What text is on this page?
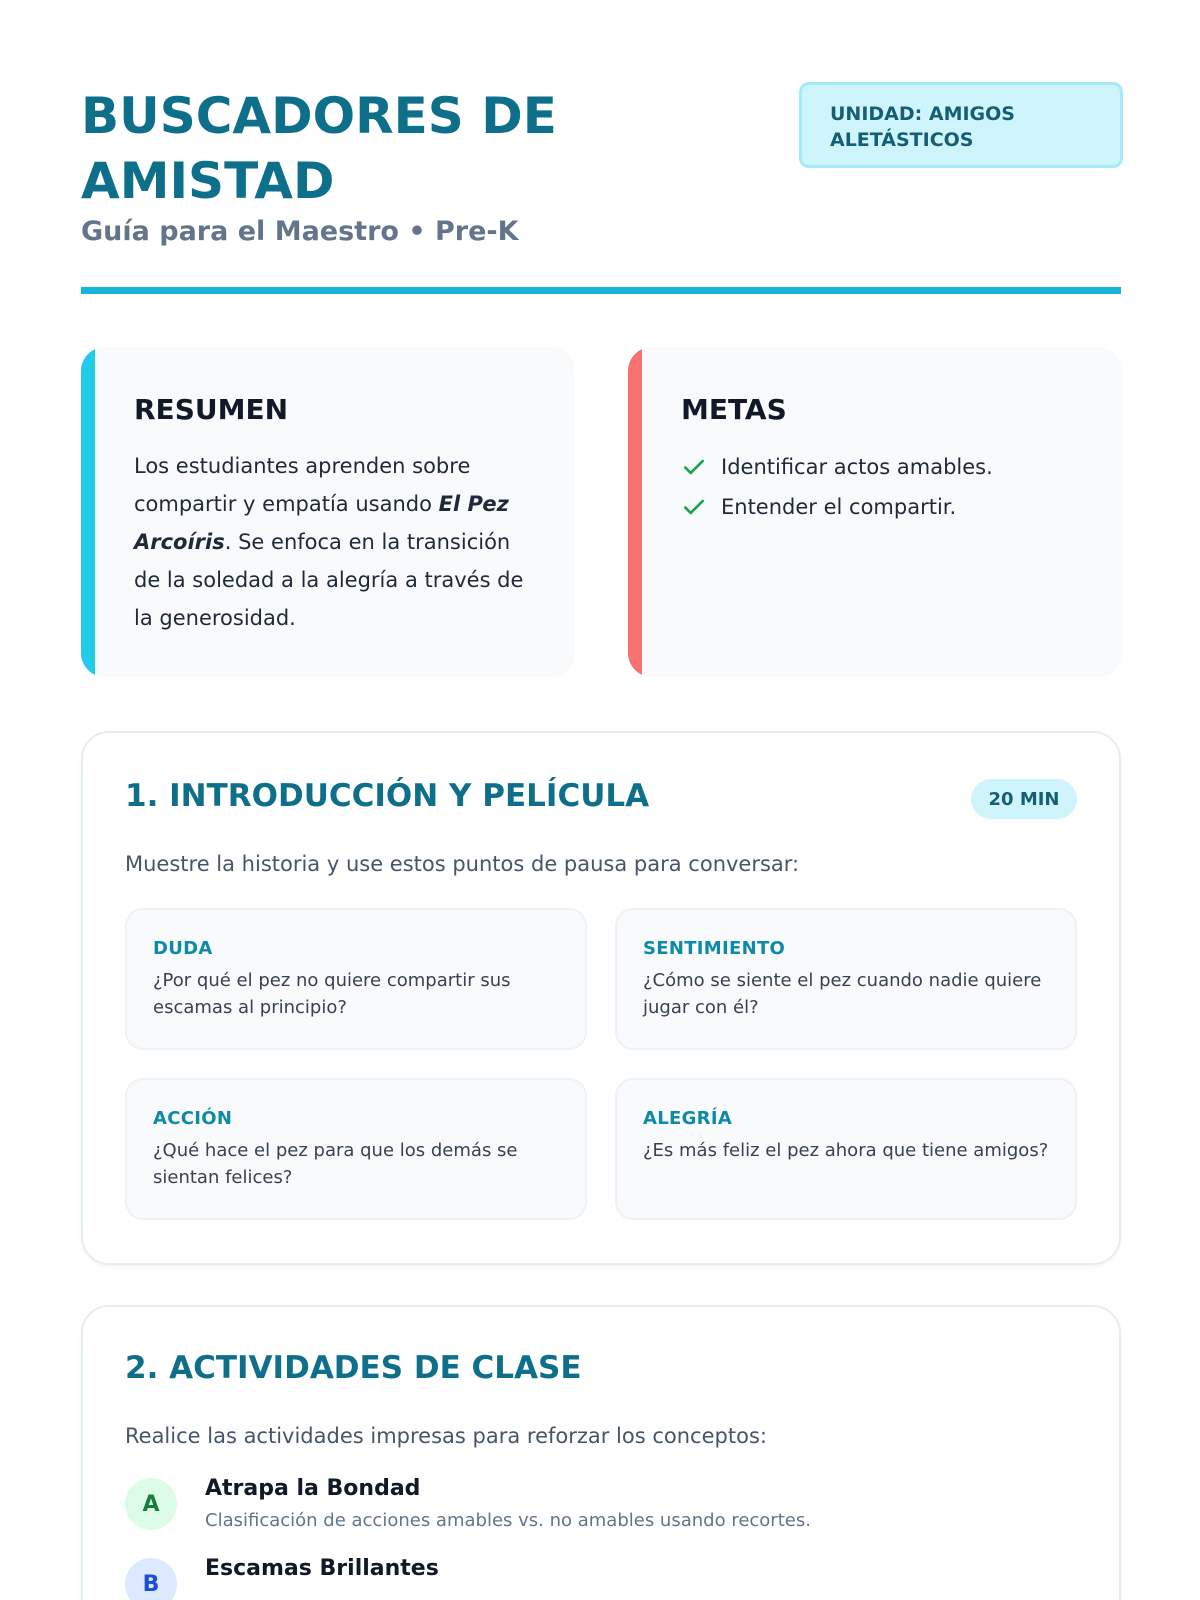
BUSCADORES DE AMISTAD
Guía para el Maestro • Pre-K
UNIDAD: AMIGOS ALETÁSTICOS
RESUMEN

Los estudiantes aprenden sobre compartir y empatía usando El Pez Arcoíris. Se enfoca en la transición de la soledad a la alegría a través de la generosidad.

METAS
Identificar actos amables.
Entender el compartir.
1. INTRODUCCIÓN Y PELÍCULA	20 MIN

Muestre la historia y use estos puntos de pausa para conversar:

DUDA
¿Por qué el pez no quiere compartir sus escamas al principio?
SENTIMIENTO
¿Cómo se siente el pez cuando nadie quiere jugar con él?
ACCIÓN
¿Qué hace el pez para que los demás se sientan felices?
ALEGRÍA
¿Es más feliz el pez ahora que tiene amigos?
2. ACTIVIDADES DE CLASE

Realice las actividades impresas para reforzar los conceptos:

A
Atrapa la Bondad
Clasificación de acciones amables vs. no amables usando recortes.
B
Escamas Brillantes
